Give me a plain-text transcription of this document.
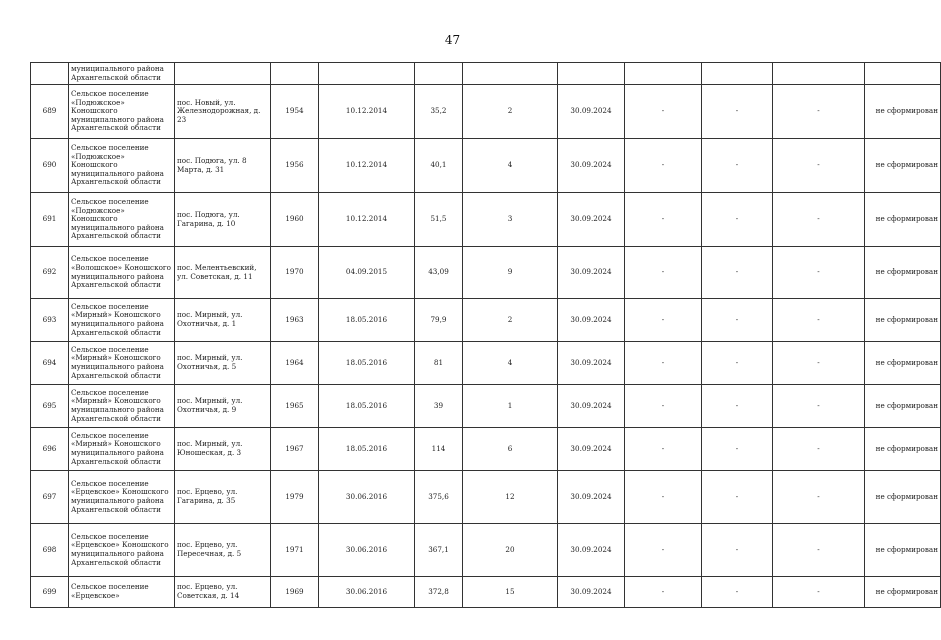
47
	муниципального района Архангельской области										
689	Сельское поселение «Подюжское» Коношского муниципального района Архангельской области	пос. Новый, ул. Железнодорожная, д. 23	1954	10.12.2014	35,2	2	30.09.2024	-	-	-	не сформирован
690	Сельское поселение «Подюжское» Коношского муниципального района Архангельской области	пос. Подюга, ул. 8 Марта, д. 31	1956	10.12.2014	40,1	4	30.09.2024	-	-	-	не сформирован
691	Сельское поселение «Подюжское» Коношского муниципального района Архангельской области	пос. Подюга, ул. Гагарина, д. 10	1960	10.12.2014	51,5	3	30.09.2024	-	-	-	не сформирован
692	Сельское поселение «Волошское» Коношского муниципального района Архангельской области	пос. Мелентьевский, ул. Советская, д. 11	1970	04.09.2015	43,09	9	30.09.2024	-	-	-	не сформирован
693	Сельское поселение «Мирный» Коношского муниципального района Архангельской области	пос. Мирный, ул. Охотничья, д. 1	1963	18.05.2016	79,9	2	30.09.2024	-	-	-	не сформирован
694	Сельское поселение «Мирный» Коношского муниципального района Архангельской области	пос. Мирный, ул. Охотничья, д. 5	1964	18.05.2016	81	4	30.09.2024	-	-	-	не сформирован
695	Сельское поселение «Мирный» Коношского муниципального района Архангельской области	пос. Мирный, ул. Охотничья, д. 9	1965	18.05.2016	39	1	30.09.2024	-	-	-	не сформирован
696	Сельское поселение «Мирный» Коношского муниципального района Архангельской области	пос. Мирный, ул. Юношеская, д. 3	1967	18.05.2016	114	6	30.09.2024	-	-	-	не сформирован
697	Сельское поселение «Ерцевское» Коношского муниципального района Архангельской области	пос. Ерцево, ул. Гагарина, д. 35	1979	30.06.2016	375,6	12	30.09.2024	-	-	-	не сформирован
698	Сельское поселение «Ерцевское» Коношского муниципального района Архангельской области	пос. Ерцево, ул. Пересечная, д. 5	1971	30.06.2016	367,1	20	30.09.2024	-	-	-	не сформирован
699	Сельское поселение «Ерцевское»	пос. Ерцево, ул. Советская, д. 14	1969	30.06.2016	372,8	15	30.09.2024	-	-	-	не сформирован
